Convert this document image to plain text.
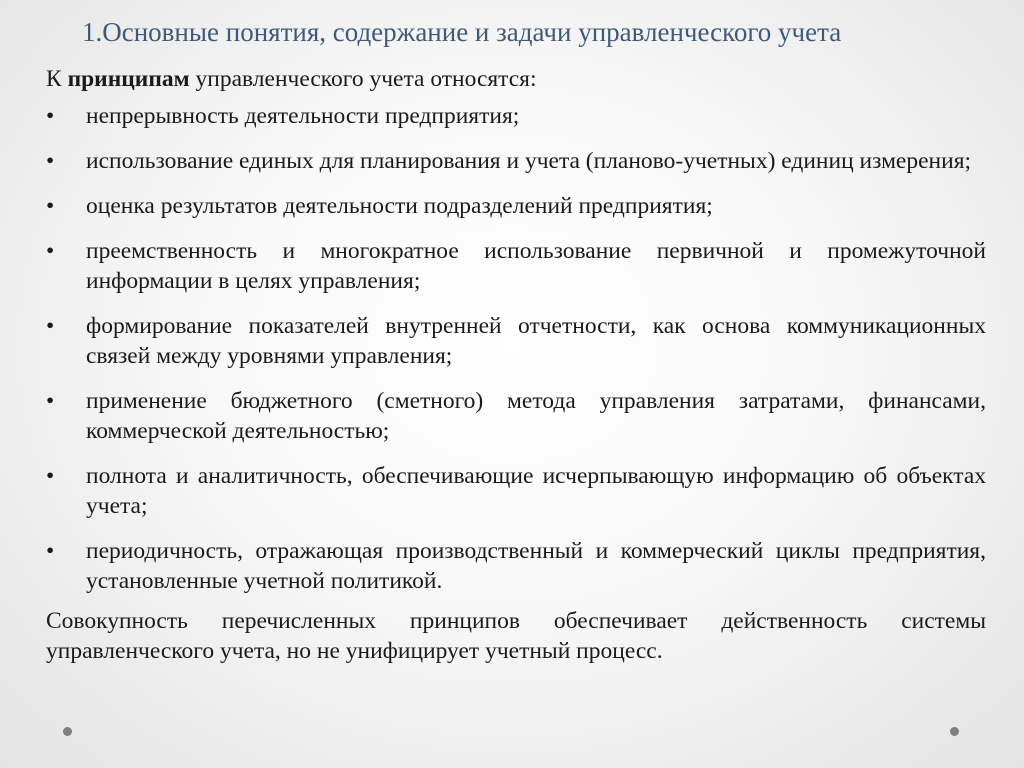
1.Основные понятия, содержание и задачи управленческого учета

К принципам управленческого учета относятся:

•	непрерывность деятельности предприятия;
•	использование единых для планирования и учета (планово-учетных) единиц измерения;
•	оценка результатов деятельности подразделений предприятия;
•	преемственность и многократное использование первичной и промежуточной информации в целях управления;
•	формирование показателей внутренней отчетности, как основа коммуникационных связей между уровнями управления;
•	применение бюджетного (сметного) метода управления затратами, финансами, коммерческой деятельностью;
•	полнота и аналитичность, обеспечивающие исчерпывающую информацию об объектах учета;
•	периодичность, отражающая производственный и коммерческий циклы предприятия, установленные учетной политикой.

Совокупность перечисленных принципов обеспечивает действенность системы управленческого учета, но не унифицирует учетный процесс.
